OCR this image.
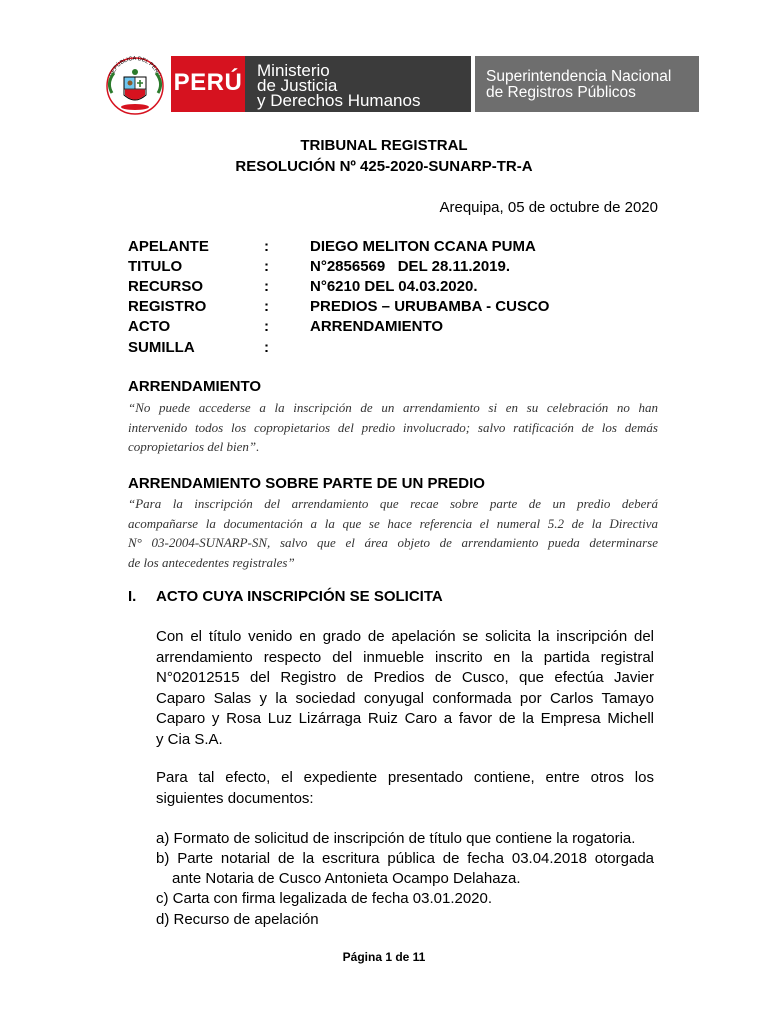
REPÚBLICA DEL PERÚ PERÚ Ministerio
de Justicia
y Derechos Humanos
Superintendencia Nacional
de Registros Públicos
TRIBUNAL REGISTRAL
RESOLUCIÓN Nº 425-2020-SUNARP-TR-A
Arequipa, 05 de octubre de 2020
APELANTE	:	DIEGO MELITON CCANA PUMA
TITULO	:	N°2856569   DEL 28.11.2019.
RECURSO	:	N°6210 DEL 04.03.2020.
REGISTRO	:	PREDIOS – URUBAMBA - CUSCO
ACTO	:	ARRENDAMIENTO
SUMILLA	:
ARRENDAMIENTO
“No puede accederse a la inscripción de un arrendamiento si en su celebración no han
intervenido todos los copropietarios del predio involucrado; salvo ratificación de los demás
copropietarios del bien”.
ARRENDAMIENTO SOBRE PARTE DE UN PREDIO
“Para la inscripción del arrendamiento que recae sobre parte de un predio deberá
acompañarse la documentación a la que se hace referencia el numeral 5.2 de la Directiva
N° 03-2004-SUNARP-SN, salvo que el área objeto de arrendamiento pueda determinarse
de los antecedentes registrales”
I. ACTO CUYA INSCRIPCIÓN SE SOLICITA
Con el título venido en grado de apelación se solicita la inscripción del
arrendamiento respecto del inmueble inscrito en la partida registral
N°02012515 del Registro de Predios de Cusco, que efectúa Javier
Caparo Salas y la sociedad conyugal conformada por Carlos Tamayo
Caparo y Rosa Luz Lizárraga Ruiz Caro a favor de la Empresa Michell
y Cia S.A.
Para tal efecto, el expediente presentado contiene, entre otros los
siguientes documentos:
a) Formato de solicitud de inscripción de título que contiene la rogatoria.
b) Parte notarial de la escritura pública de fecha 03.04.2018 otorgada
ante Notaria de Cusco Antonieta Ocampo Delahaza.
c) Carta con firma legalizada de fecha 03.01.2020.
d) Recurso de apelación
Página 1 de 11
